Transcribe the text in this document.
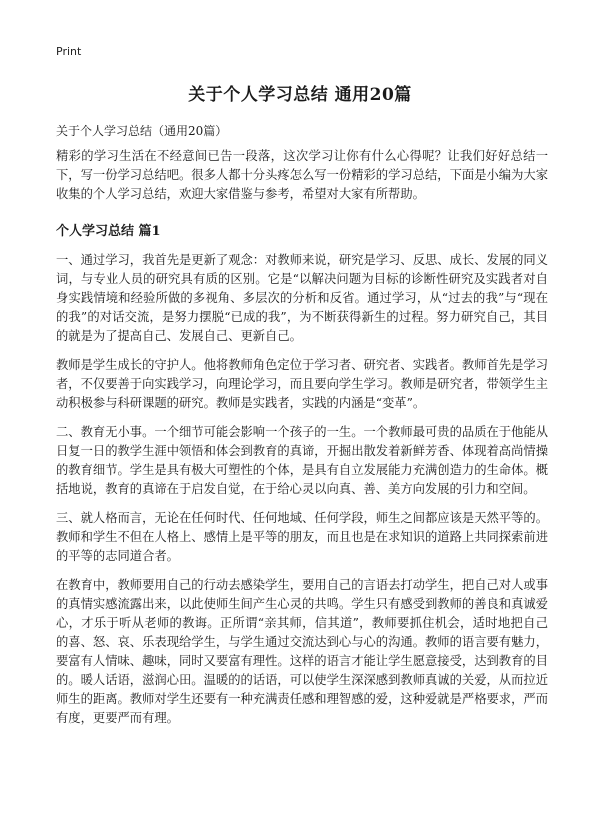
Print
关于个人学习总结 通用20篇

关于个人学习总结（通用20篇）

精彩的学习生活在不经意间已告一段落，这次学习让你有什么心得呢？让我们好好总结一下，写一份学习总结吧。很多人都十分头疼怎么写一份精彩的学习总结，下面是小编为大家收集的个人学习总结，欢迎大家借鉴与参考，希望对大家有所帮助。

个人学习总结 篇1

一、通过学习，我首先是更新了观念：对教师来说，研究是学习、反思、成长、发展的同义词，与专业人员的研究具有质的区别。它是“以解决问题为目标的诊断性研究及实践者对自身实践情境和经验所做的多视角、多层次的分析和反省。通过学习，从“过去的我”与“现在的我”的对话交流，是努力摆脱“已成的我”，为不断获得新生的过程。努力研究自己，其目的就是为了提高自己、发展自己、更新自己。

教师是学生成长的守护人。他将教师角色定位于学习者、研究者、实践者。教师首先是学习者，不仅要善于向实践学习，向理论学习，而且要向学生学习。教师是研究者，带领学生主动积极参与科研课题的研究。教师是实践者，实践的内涵是“变革”。

二、教育无小事。一个细节可能会影响一个孩子的一生。一个教师最可贵的品质在于他能从日复一日的教学生涯中领悟和体会到教育的真谛，开掘出散发着新鲜芳香、体现着高尚情操的教育细节。学生是具有极大可塑性的个体，是具有自立发展能力充满创造力的生命体。概括地说，教育的真谛在于启发自觉，在于给心灵以向真、善、美方向发展的引力和空间。

三、就人格而言，无论在任何时代、任何地域、任何学段，师生之间都应该是天然平等的。教师和学生不但在人格上、感情上是平等的朋友，而且也是在求知识的道路上共同探索前进的平等的志同道合者。

在教育中，教师要用自己的行动去感染学生，要用自己的言语去打动学生，把自己对人或事的真情实感流露出来，以此使师生间产生心灵的共鸣。学生只有感受到教师的善良和真诚爱心，才乐于听从老师的教诲。正所谓“亲其师，信其道”，教师要抓住机会，适时地把自己的喜、怒、哀、乐表现给学生，与学生通过交流达到心与心的沟通。教师的语言要有魅力，要富有人情味、趣味，同时又要富有理性。这样的语言才能让学生愿意接受，达到教育的目的。暖人话语，滋润心田。温暖的的话语，可以使学生深深感到教师真诚的关爱，从而拉近师生的距离。教师对学生还要有一种充满责任感和理智感的爱，这种爱就是严格要求，严而有度，更要严而有理。
